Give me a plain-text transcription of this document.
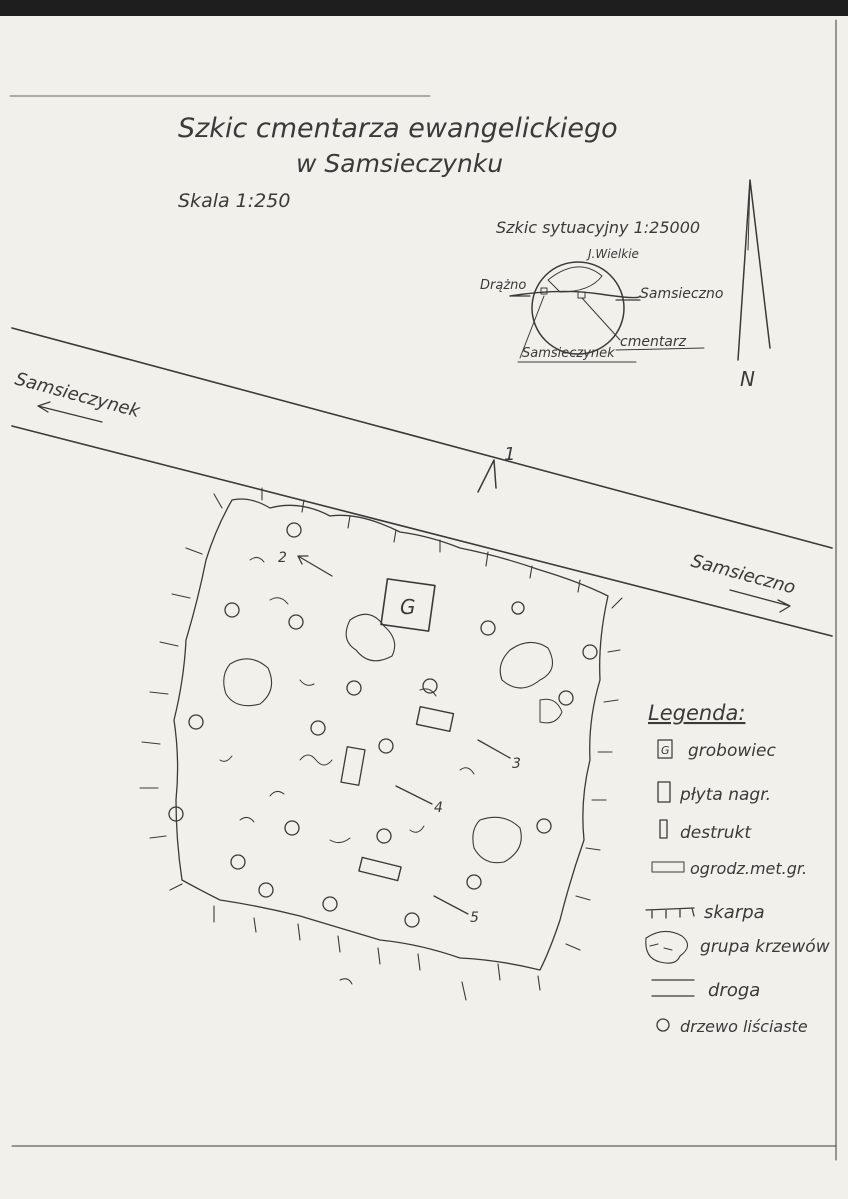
Szkic cmentarza ewangelickiego
w Samsieczynku
Skala 1:250
Szkic sytuacyjny 1:25000
J.Wielkie
Drążno
Samsieczno
cmentarz
Samsieczynek
N
Samsieczynek
Samsieczno
1
G
2
3
4
5
Legenda:
G grobowiec
płyta nagr.
destrukt
ogrodz.met.gr.
skarpa
grupa krzewów
droga
drzewo liściaste
